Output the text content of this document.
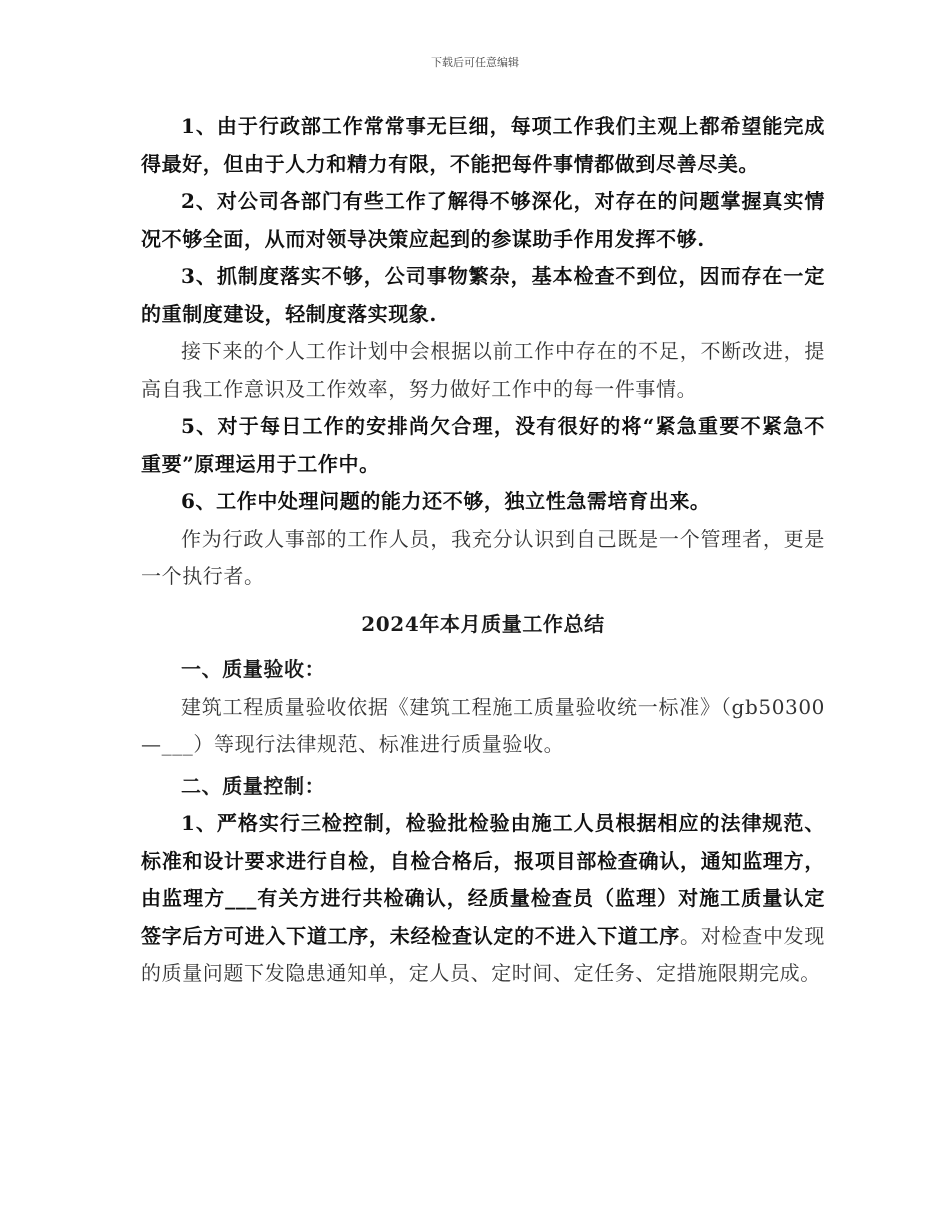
下载后可任意编辑

1、由于行政部工作常常事无巨细，每项工作我们主观上都希望能完成得最好，但由于人力和精力有限，不能把每件事情都做到尽善尽美。

2、对公司各部门有些工作了解得不够深化，对存在的问题掌握真实情况不够全面，从而对领导决策应起到的参谋助手作用发挥不够.

3、抓制度落实不够，公司事物繁杂，基本检查不到位，因而存在一定的重制度建设，轻制度落实现象.

接下来的个人工作计划中会根据以前工作中存在的不足，不断改进，提高自我工作意识及工作效率，努力做好工作中的每一件事情。

5、对于每日工作的安排尚欠合理，没有很好的将“紧急重要不紧急不重要”原理运用于工作中。

6、工作中处理问题的能力还不够，独立性急需培育出来。

作为行政人事部的工作人员，我充分认识到自己既是一个管理者，更是一个执行者。

2024年本月质量工作总结

一、质量验收：

建筑工程质量验收依据《建筑工程施工质量验收统一标准》（gb50300—___）等现行法律规范、标准进行质量验收。

二、质量控制：

1、严格实行三检控制，检验批检验由施工人员根据相应的法律规范、标准和设计要求进行自检，自检合格后，报项目部检查确认，通知监理方，由监理方___有关方进行共检确认，经质量检查员（监理）对施工质量认定签字后方可进入下道工序，未经检查认定的不进入下道工序。对检查中发现的质量问题下发隐患通知单，定人员、定时间、定任务、定措施限期完成。
